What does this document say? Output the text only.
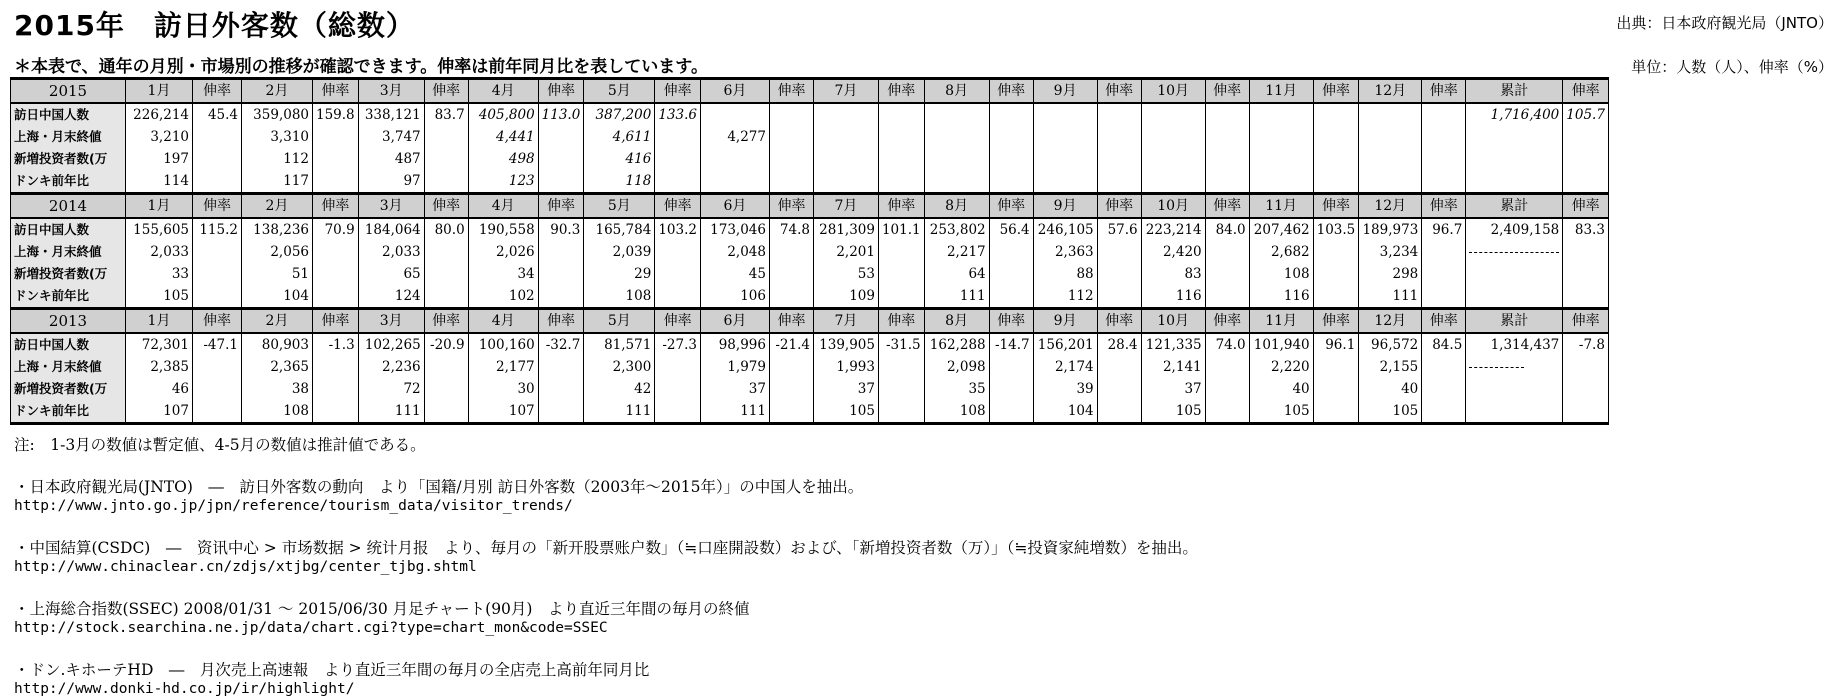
2015年　訪日外客数（総数）	出典：日本政府観光局（JNTO）
＊本表で、通年の月別・市場別の推移が確認できます。伸率は前年同月比を表しています。	単位：人数（人）、伸率（%）
2015	1月	伸率	2月	伸率	3月	伸率	4月	伸率	5月	伸率	6月	伸率	7月	伸率	8月	伸率	9月	伸率	10月	伸率	11月	伸率	12月	伸率	累計	伸率
訪日中国人数	226,214	45.4	359,080	159.8	338,121	83.7	405,800	113.0	387,200	133.6															1,716,400	105.7
上海・月末終値	3,210		3,310		3,747		4,441		4,611		4,277															
新増投资者数(万	197		112		487		498		416																	
ドンキ前年比	114		117		97		123		118																	
2014	1月	伸率	2月	伸率	3月	伸率	4月	伸率	5月	伸率	6月	伸率	7月	伸率	8月	伸率	9月	伸率	10月	伸率	11月	伸率	12月	伸率	累計	伸率
訪日中国人数	155,605	115.2	138,236	70.9	184,064	80.0	190,558	90.3	165,784	103.2	173,046	74.8	281,309	101.1	253,802	56.4	246,105	57.6	223,214	84.0	207,462	103.5	189,973	96.7	2,409,158	83.3
上海・月末終値	2,033		2,056		2,033		2,026		2,039		2,048		2,201		2,217		2,363		2,420		2,682		3,234		

新増投资者数(万	33		51		65		34		29		45		53		64		88		83		108		298			
ドンキ前年比	105		104		124		102		108		106		109		111		112		116		116		111			
2013	1月	伸率	2月	伸率	3月	伸率	4月	伸率	5月	伸率	6月	伸率	7月	伸率	8月	伸率	9月	伸率	10月	伸率	11月	伸率	12月	伸率	累計	伸率
訪日中国人数	72,301	-47.1	80,903	-1.3	102,265	-20.9	100,160	-32.7	81,571	-27.3	98,996	-21.4	139,905	-31.5	162,288	-14.7	156,201	28.4	121,335	74.0	101,940	96.1	96,572	84.5	1,314,437	-7.8
上海・月末終値	2,385		2,365		2,236		2,177		2,300		1,979		1,993		2,098		2,174		2,141		2,220		2,155		

新増投资者数(万	46		38		72		30		42		37		37		35		39		37		40		40			
ドンキ前年比	107		108		111		107		111		111		105		108		104		105		105		105			

注:　1-3月の数値は暫定値、4-5月の数値は推計値である。

・日本政府観光局(JNTO)　―　訪日外客数の動向　より「国籍/月別 訪日外客数（2003年～2015年）」の中国人を抽出。

http://www.jnto.go.jp/jpn/reference/tourism_data/visitor_trends/

・中国結算(CSDC)　―　资讯中心 > 市场数据 > 统计月报　より、毎月の「新开股票账户数」（≒口座開設数）および、「新増投资者数（万）」（≒投資家純増数）を抽出。

http://www.chinaclear.cn/zdjs/xtjbg/center_tjbg.shtml

・上海総合指数(SSEC) 2008/01/31 ～ 2015/06/30 月足チャート(90月)　より直近三年間の毎月の終値

http://stock.searchina.ne.jp/data/chart.cgi?type=chart_mon&code=SSEC

・ドン.キホーテHD　―　月次売上高速報　より直近三年間の毎月の全店売上高前年同月比

http://www.donki-hd.co.jp/ir/highlight/
